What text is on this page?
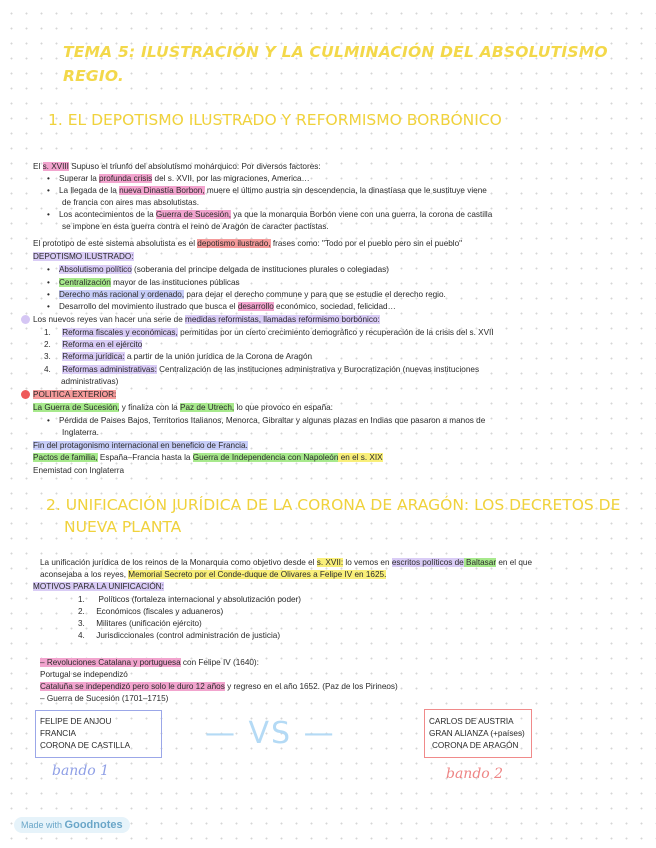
TEMA 5: ILUSTRACIÓN Y LA CULMINACIÓN DEL ABSOLUTISMO
REGIO.
1. EL DEPOTISMO ILUSTRADO Y REFORMISMO BORBÓNICO
El s. XVIII Supuso el triunfo del absolutismo monárquico: Por diversos factores:
•    Superar la profunda crisis del s. XVII, por las migraciones, America…
•    La llegada de la nueva Dinastía Borbon, muere el último austria sin descendencia, la dinastíasa que le sustituye viene
de francia con aires mas absolutistas.
•    Los acontecimientos de la Guerra de Sucesión, ya que la monarquia Borbón viene con una guerra, la corona de castilla
se impone en esta guerra contra el reino de Aragón de caracter pactistas.
El prototipo de este sistema absolutista es el depotismo ilustrado, frases como: "Todo por el pueblo pero sin el pueblo"
DEPOTISMO ILUSTRADO:
•    Absolutismo político (soberania del principe delgada de instituciones plurales o colegiadas)
•    Centralización mayor de las instituciones públicas
•    Derecho más racional y ordenado, para dejar el derecho commune y para que se estudie el derecho regio.
•    Desarrollo del movimiento ilustrado que busca el desarrollo económico, sociedad, felicidad…
Los nuevos reyes van hacer una serie de medidas reformistas, llamadas reformismo borbónico:
1. Reforma fiscales y económicas, permitidas por un cierto crecimiento demográfico y recuperación de la crisis del s. XVII
2. Reforma en el ejército
3. Reforma jurídica: a partir de la unión jurídica de la Corona de Aragón
4. Reformas administrativas: Centralización de las instituciones administrativa y Burocratización (nuevas instituciones
administrativas)
POLITICA EXTERIOR:
La Guerra de Sucesión, y finaliza con la Paz de Utrech, lo que provoco en españa:
•    Pérdida de Paises Bajos, Territorios Italianos, Menorca, Gibraltar y algunas plazas en Indias que pasaron a manos de
Inglaterra.
Fin del protagonismo internacional en beneficio de Francia.
Pactos de familia, España–Francia hasta la Guerra de Independencia con Napoleón en el s. XIX
Enemistad con Inglaterra
2. UNIFICACIÓN JURÍDICA DE LA CORONA DE ARAGÓN: LOS DECRETOS DE
NUEVA PLANTA
La unificación jurídica de los reinos de la Monarquia como objetivo desde el s. XVII: lo vemos en escritos políticos de Baltasar en el que
aconsejaba a los reyes, Memorial Secreto por el Conde-duque de Olivares a Felipe IV en 1625.
MOTIVOS PARA LA UNIFICACIÓN:
1. Políticos (fortaleza internacional y absolutización poder)
2. Económicos (fiscales y aduaneros)
3. Militares (unificación ejército)
4. Jurisdiccionales (control administración de justicia)
– Revoluciones Catalana y portuguesa con Felipe IV (1640):
Portugal se independizó
Cataluña se independizó pero solo le duro 12 años y regreso en el año 1652. (Paz de los Pirineos)
– Guerra de Sucesión (1701–1715)
FELIPE DE ANJOU
FRANCIA
CORONA DE CASTILLA
bando 1
— VS —	CARLOS DE AUSTRIA
GRAN ALIANZA (+países)
CORONA DE ARAGÓN
bando 2
Made with Goodnotes
